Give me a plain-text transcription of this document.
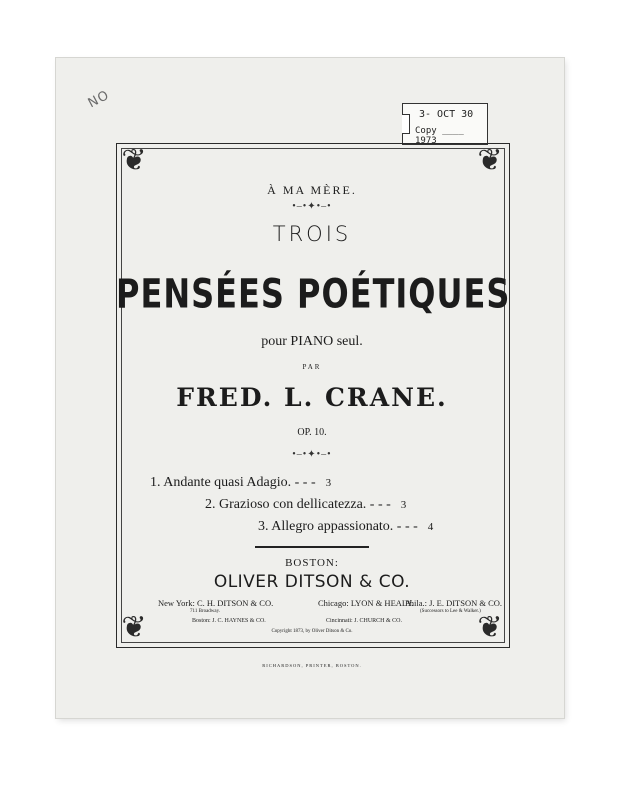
NO
3- OCT 30
Copy ____ 1973
❦	❦
❦	❦
À MA MÈRE.
•–•✦•–•
TROIS
PENSÉES POÉTIQUES
pour PIANO seul.
PAR
FRED. L. CRANE.
OP. 10.
•–•✦•–•
1. Andante quasi Adagio. - - - 3
2. Grazioso con dellicatezza. - - - 3
3. Allegro appassionato. - - - 4
BOSTON:
OLIVER DITSON & CO.
New York: C. H. DITSON & CO.	Chicago: LYON & HEALY.
Phila.: J. E. DITSON & CO.
711 Broadway.	(Successors to Lee & Walker.)
Boston: J. C. HAYNES & CO.	Cincinnati: J. CHURCH & CO.
Copyright 1873, by Oliver Ditson & Co.
RICHARDSON, PRINTER, BOSTON.
